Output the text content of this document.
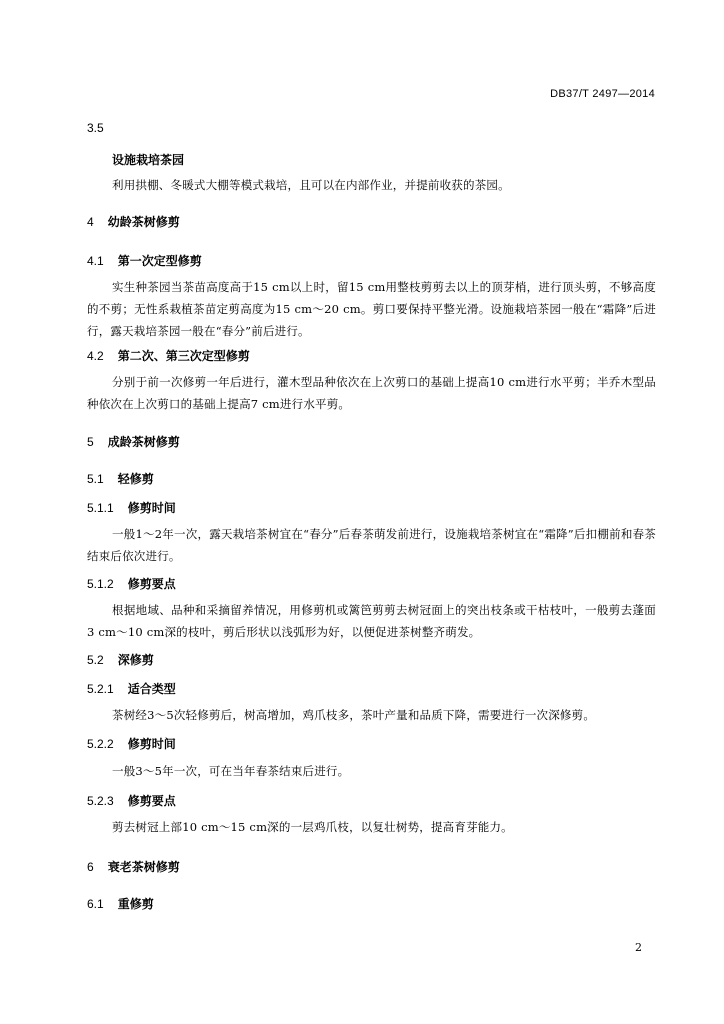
DB37/T 2497—2014
3.5
设施栽培茶园
利用拱棚、冬暖式大棚等模式栽培，且可以在内部作业，并提前收获的茶园。
4 幼龄茶树修剪
4.1 第一次定型修剪
实生种茶园当茶苗高度高于15 cm以上时，留15 cm用整枝剪剪去以上的顶芽梢，进行顶头剪，不够高度的不剪；无性系栽植茶苗定剪高度为15 cm～20 cm。剪口要保持平整光滑。设施栽培茶园一般在“霜降”后进行，露天栽培茶园一般在“春分”前后进行。
4.2 第二次、第三次定型修剪
分别于前一次修剪一年后进行，灌木型品种依次在上次剪口的基础上提高10 cm进行水平剪；半乔木型品种依次在上次剪口的基础上提高7 cm进行水平剪。
5 成龄茶树修剪
5.1 轻修剪
5.1.1 修剪时间
一般1～2年一次，露天栽培茶树宜在“春分”后春茶萌发前进行，设施栽培茶树宜在“霜降”后扣棚前和春茶结束后依次进行。
5.1.2 修剪要点
根据地域、品种和采摘留养情况，用修剪机或篱笆剪剪去树冠面上的突出枝条或干枯枝叶，一般剪去蓬面3 cm～10 cm深的枝叶，剪后形状以浅弧形为好，以便促进茶树整齐萌发。
5.2 深修剪
5.2.1 适合类型
茶树经3～5次轻修剪后，树高增加，鸡爪枝多，茶叶产量和品质下降，需要进行一次深修剪。
5.2.2 修剪时间
一般3～5年一次，可在当年春茶结束后进行。
5.2.3 修剪要点
剪去树冠上部10 cm～15 cm深的一层鸡爪枝，以复壮树势，提高育芽能力。
6 衰老茶树修剪
6.1 重修剪
2
